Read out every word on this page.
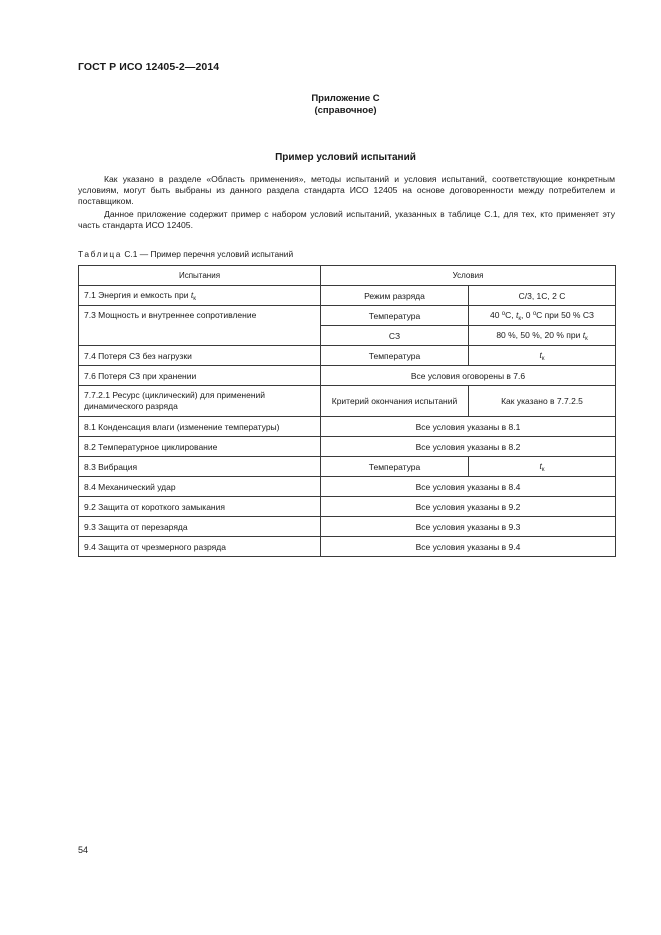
ГОСТ Р ИСО 12405-2—2014
Приложение С
(справочное)
Пример условий испытаний

Как указано в разделе «Область применения», методы испытаний и условия испытаний, соответствующие конкретным условиям, могут быть выбраны из данного раздела стандарта ИСО 12405 на основе договоренности между потребителем и поставщиком.

Данное приложение содержит пример с набором условий испытаний, указанных в таблице С.1, для тех, кто применяет эту часть стандарта ИСО 12405.

Таблица С.1 — Пример перечня условий испытаний
Испытания	Условия	
7.1 Энергия и емкость при $t_к$	Режим разряда	С/3, 1С, 2 С
7.3 Мощность и внутреннее сопротивление	Температура	40 $^о$С, $t_к$, 0 $^о$С при 50 % СЗ
	СЗ	80 %, 50 %, 20 % при $t_к$
7.4 Потеря СЗ без нагрузки	Температура	$t_к$
7.6 Потеря СЗ при хранении	Все условия оговорены в 7.6	
7.7.2.1 Ресурс (циклический) для применений динамического разряда	Критерий окончания испытаний	Как указано в 7.7.2.5
8.1 Конденсация влаги (изменение температуры)	Все условия указаны в 8.1	
8.2 Температурное циклирование	Все условия указаны в 8.2	
8.3 Вибрация	Температура	$t_к$
8.4 Механический удар	Все условия указаны в 8.4	
9.2 Защита от короткого замыкания	Все условия указаны в 9.2	
9.3 Защита от перезаряда	Все условия указаны в 9.3	
9.4 Защита от чрезмерного разряда	Все условия указаны в 9.4	
54
